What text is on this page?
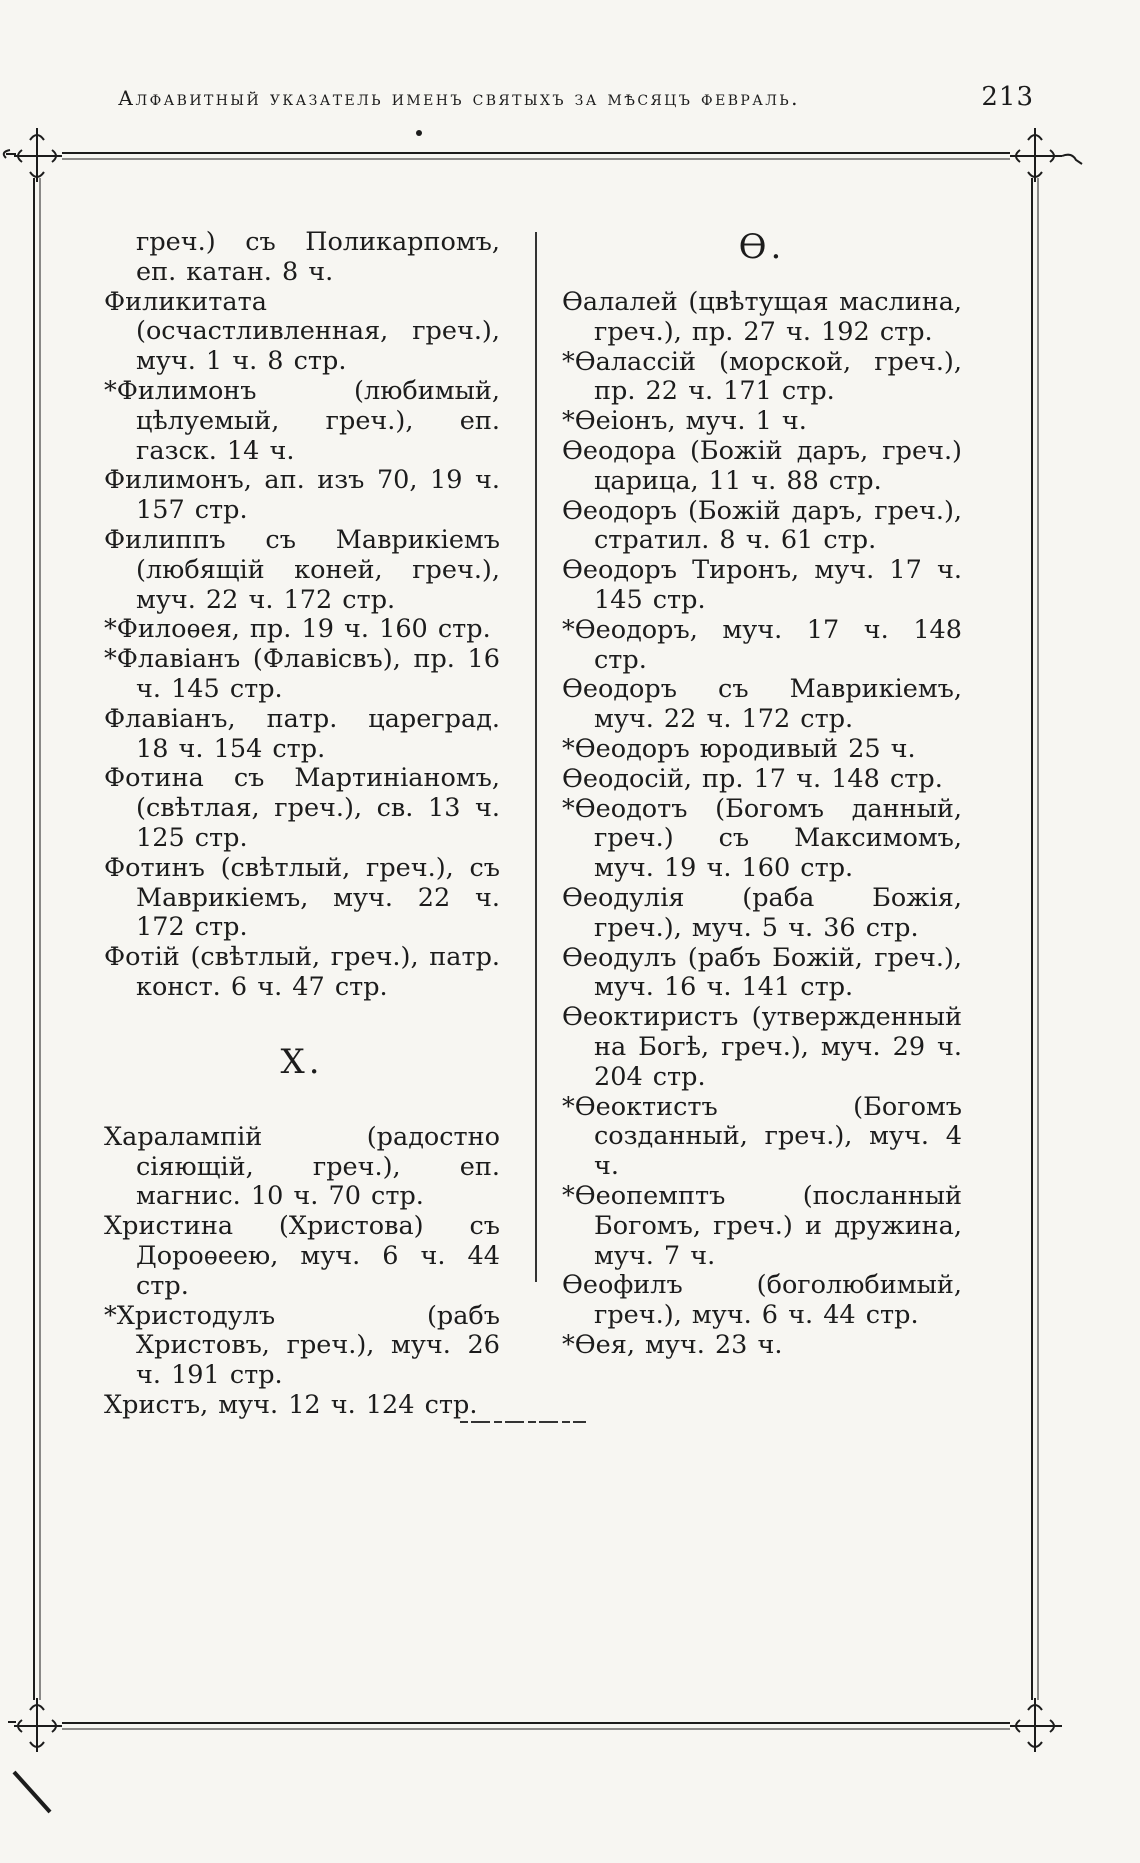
Алфавитный указатель именъ святыхъ за мѣсяцъ февраль.	213
греч.) съ Поликарпомъ, еп. катан. 8 ч.
Филикитата (осчастливленная, греч.), муч. 1 ч. 8 стр.
*Филимонъ (любимый, цѣлуемый, греч.), еп. газск. 14 ч.
Филимонъ, ап. изъ 70, 19 ч. 157 стр.
Филиппъ съ Маврикіемъ (любящій коней, греч.), муч. 22 ч. 172 стр.
*Филоѳея, пр. 19 ч. 160 стр.
*Флавіанъ (Флавісвъ), пр. 16 ч. 145 стр.
Флавіанъ, патр. цареград. 18 ч. 154 стр.
Фотина съ Мартиніаномъ, (свѣтлая, греч.), св. 13 ч. 125 стр.
Фотинъ (свѣтлый, греч.), съ Маврикіемъ, муч. 22 ч. 172 стр.
Фотій (свѣтлый, греч.), патр. конст. 6 ч. 47 стр.
Х.
Харалампій (радостно сіяющій, греч.), еп. магнис. 10 ч. 70 стр.
Христина (Христова) съ Дороѳеею, муч. 6 ч. 44 стр.
*Христодулъ (рабъ Христовъ, греч.), муч. 26 ч. 191 стр.
Христъ, муч. 12 ч. 124 стр.
Ѳ.
Ѳалалей (цвѣтущая маслина, греч.), пр. 27 ч. 192 стр.
*Ѳалассій (морской, греч.), пр. 22 ч. 171 стр.
*Ѳеіонъ, муч. 1 ч.
Ѳеодора (Божій даръ, греч.) царица, 11 ч. 88 стр.
Ѳеодоръ (Божій даръ, греч.), стратил. 8 ч. 61 стр.
Ѳеодоръ Тиронъ, муч. 17 ч. 145 стр.
*Ѳеодоръ, муч. 17 ч. 148 стр.
Ѳеодоръ съ Маврикіемъ, муч. 22 ч. 172 стр.
*Ѳеодоръ юродивый 25 ч.
Ѳеодосій, пр. 17 ч. 148 стр.
*Ѳеодотъ (Богомъ данный, греч.) съ Максимомъ, муч. 19 ч. 160 стр.
Ѳеодулія (раба Божія, греч.), муч. 5 ч. 36 стр.
Ѳеодулъ (рабъ Божій, греч.), муч. 16 ч. 141 стр.
Ѳеоктиристъ (утвержденный на Богѣ, греч.), муч. 29 ч. 204 стр.
*Ѳеоктистъ (Богомъ созданный, греч.), муч. 4 ч.
*Ѳеопемптъ (посланный Богомъ, греч.) и дружина, муч. 7 ч.
Ѳеофилъ (боголюбимый, греч.), муч. 6 ч. 44 стр.
*Ѳея, муч. 23 ч.
